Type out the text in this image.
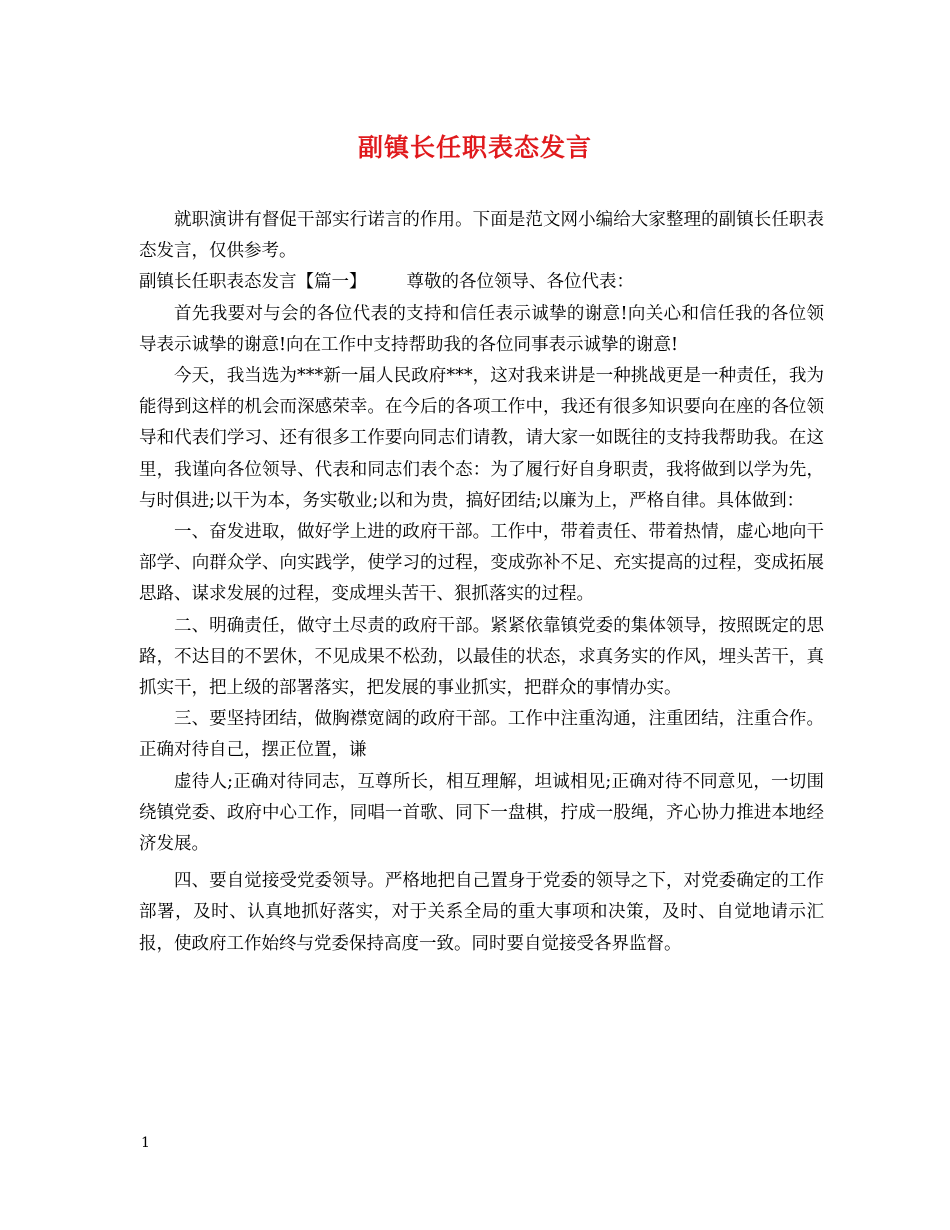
副镇长任职表态发言

就职演讲有督促干部实行诺言的作用。下面是范文网小编给大家整理的副镇长任职表态发言，仅供参考。

副镇长任职表态发言【篇一】 尊敬的各位领导、各位代表：

首先我要对与会的各位代表的支持和信任表示诚挚的谢意!向关心和信任我的各位领导表示诚挚的谢意!向在工作中支持帮助我的各位同事表示诚挚的谢意!

今天，我当选为***新一届人民政府***，这对我来讲是一种挑战更是一种责任，我为能得到这样的机会而深感荣幸。在今后的各项工作中，我还有很多知识要向在座的各位领导和代表们学习、还有很多工作要向同志们请教，请大家一如既往的支持我帮助我。在这里，我谨向各位领导、代表和同志们表个态：为了履行好自身职责，我将做到以学为先，与时俱进;以干为本，务实敬业;以和为贵，搞好团结;以廉为上，严格自律。具体做到：

一、奋发进取，做好学上进的政府干部。工作中，带着责任、带着热情，虚心地向干部学、向群众学、向实践学，使学习的过程，变成弥补不足、充实提高的过程，变成拓展思路、谋求发展的过程，变成埋头苦干、狠抓落实的过程。

二、明确责任，做守土尽责的政府干部。紧紧依靠镇党委的集体领导，按照既定的思路，不达目的不罢休，不见成果不松劲，以最佳的状态，求真务实的作风，埋头苦干，真抓实干，把上级的部署落实，把发展的事业抓实，把群众的事情办实。

三、要坚持团结，做胸襟宽阔的政府干部。工作中注重沟通，注重团结，注重合作。正确对待自己，摆正位置，谦

虚待人;正确对待同志，互尊所长，相互理解，坦诚相见;正确对待不同意见，一切围绕镇党委、政府中心工作，同唱一首歌、同下一盘棋，拧成一股绳，齐心协力推进本地经济发展。

四、要自觉接受党委领导。严格地把自己置身于党委的领导之下，对党委确定的工作部署，及时、认真地抓好落实，对于关系全局的重大事项和决策，及时、自觉地请示汇报，使政府工作始终与党委保持高度一致。同时要自觉接受各界监督。

1
